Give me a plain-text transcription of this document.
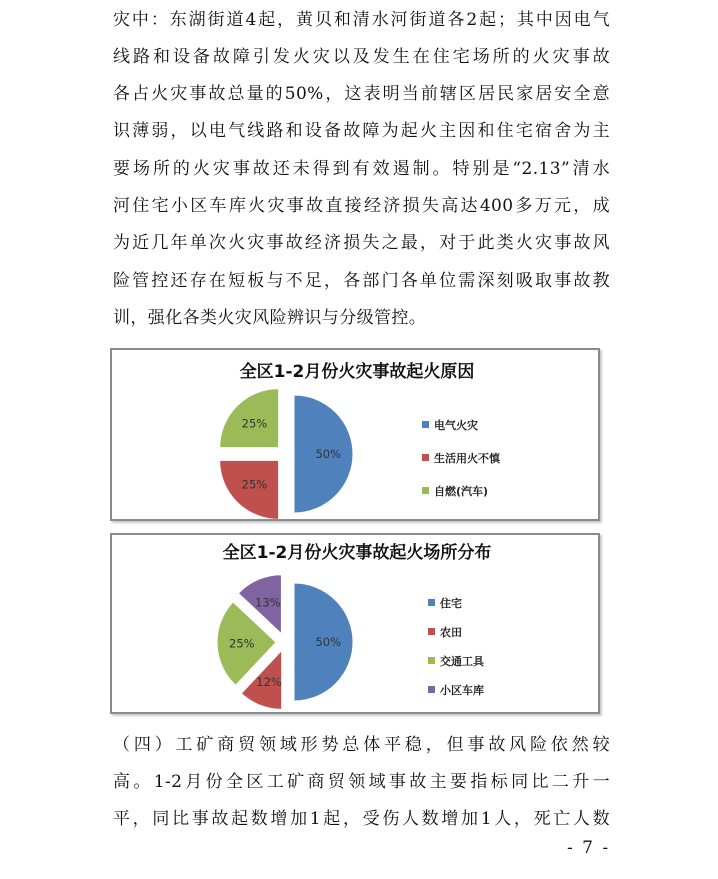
灾中：东湖街道4起，黄贝和清水河街道各2起；其中因电气

线路和设备故障引发火灾以及发生在住宅场所的火灾事故

各占火灾事故总量的50%，这表明当前辖区居民家居安全意

识薄弱，以电气线路和设备故障为起火主因和住宅宿舍为主

要场所的火灾事故还未得到有效遏制。特别是“2.13”清水

河住宅小区车库火灾事故直接经济损失高达400多万元，成

为近几年单次火灾事故经济损失之最，对于此类火灾事故风

险管控还存在短板与不足，各部门各单位需深刻吸取事故教

训，强化各类火灾风险辨识与分级管控。

全区1-2月份火灾事故起火原因
50%
25%
25%	电气火灾
生活用火不慎
自燃(汽车)
全区1-2月份火灾事故起火场所分布
50%
12%
25%
13%	住宅
农田
交通工具
小区车库

（四）工矿商贸领域形势总体平稳，但事故风险依然较

高。1-2月份全区工矿商贸领域事故主要指标同比二升一

平，同比事故起数增加1起，受伤人数增加1人，死亡人数

- 7 -
